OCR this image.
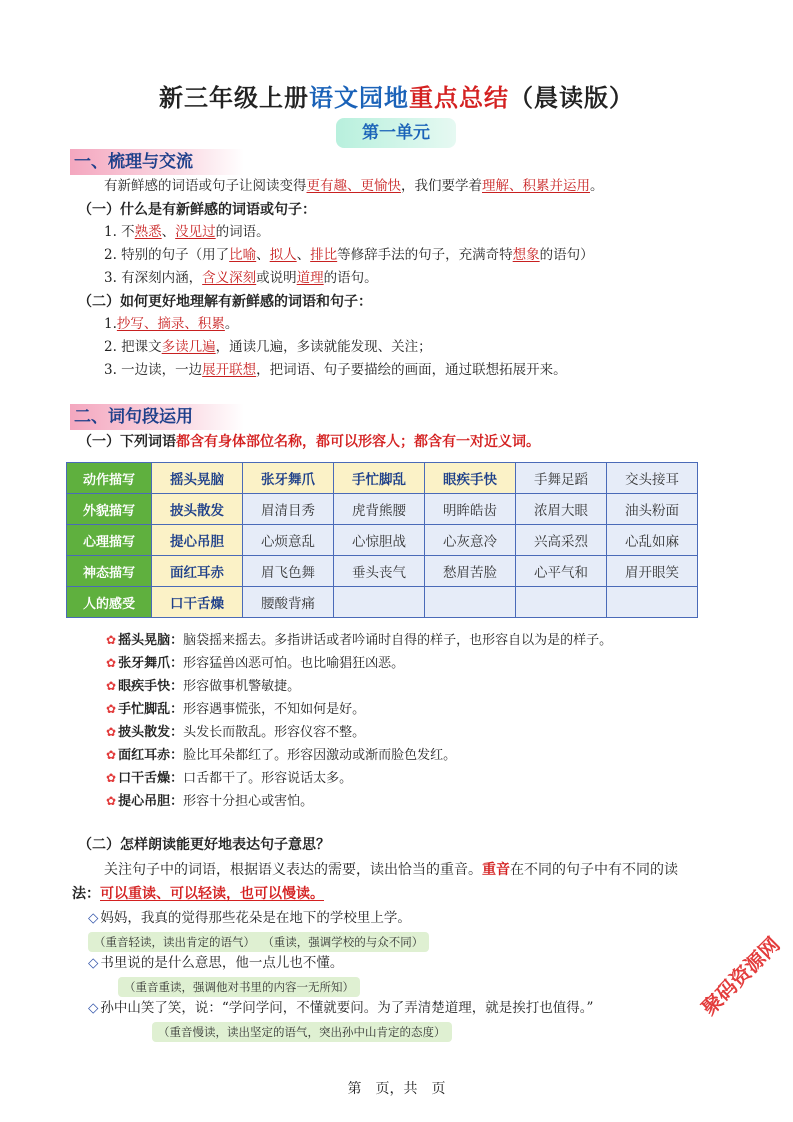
新三年级上册语文园地重点总结（晨读版）
第一单元
一、梳理与交流
有新鲜感的词语或句子让阅读变得更有趣、更愉快，我们要学着理解、积累并运用。
（一）什么是有新鲜感的词语或句子：
1. 不熟悉、没见过的词语。
2. 特别的句子（用了比喻、拟人、排比等修辞手法的句子，充满奇特想象的语句）
3. 有深刻内涵，含义深刻或说明道理的语句。
（二）如何更好地理解有新鲜感的词语和句子：
1.抄写、摘录、积累。
2. 把课文多读几遍，通读几遍，多读就能发现、关注；
3. 一边读，一边展开联想，把词语、句子要描绘的画面，通过联想拓展开来。
二、词句段运用
（一）下列词语都含有身体部位名称，都可以形容人；都含有一对近义词。
动作描写	摇头晃脑	张牙舞爪	手忙脚乱	眼疾手快	手舞足蹈	交头接耳
外貌描写	披头散发	眉清目秀	虎背熊腰	明眸皓齿	浓眉大眼	油头粉面
心理描写	提心吊胆	心烦意乱	心惊胆战	心灰意冷	兴高采烈	心乱如麻
神态描写	面红耳赤	眉飞色舞	垂头丧气	愁眉苦脸	心平气和	眉开眼笑
人的感受	口干舌燥	腰酸背痛				
✿ 摇头晃脑：脑袋摇来摇去。多指讲话或者吟诵时自得的样子，也形容自以为是的样子。
✿ 张牙舞爪：形容猛兽凶恶可怕。也比喻猖狂凶恶。
✿ 眼疾手快：形容做事机警敏捷。
✿ 手忙脚乱：形容遇事慌张，不知如何是好。
✿ 披头散发：头发长而散乱。形容仪容不整。
✿ 面红耳赤：脸比耳朵都红了。形容因激动或渐而脸色发红。
✿ 口干舌燥：口舌都干了。形容说话太多。
✿ 提心吊胆：形容十分担心或害怕。
（二）怎样朗读能更好地表达句子意思？
关注句子中的词语，根据语义表达的需要，读出恰当的重音。重音在不同的句子中有不同的读
法：可以重读、可以轻读，也可以慢读。
◇ 妈妈，我真的觉得那些花朵是在地下的学校里上学。
（重音轻读，读出肯定的语气） （重读，强调学校的与众不同）
◇ 书里说的是什么意思，他一点儿也不懂。
（重音重读，强调他对书里的内容一无所知）
◇ 孙中山笑了笑，说：“学问学问，不懂就要问。为了弄清楚道理，就是挨打也值得。”
（重音慢读，读出坚定的语气，突出孙中山肯定的态度）
聚码资源网
第　页，共　页
